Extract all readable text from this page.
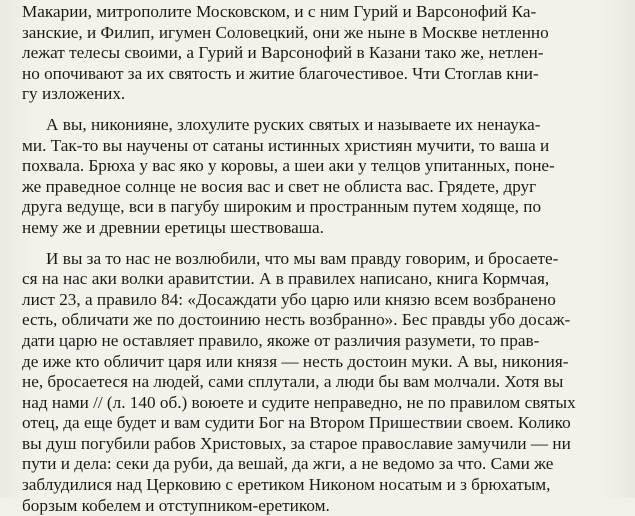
Макарии, митрополите Московском, и с ним Гурий и Варсонофий Ка-
занские, и Филип, игумен Соловецкий, они же ныне в Москве нетленно
лежат телесы своими, а Гурий и Варсонофий в Казани тако же, нетлен-
но опочивают за их святость и житие благочестивое. Чти Стоглав кни-
гу изложених.
А вы, никонияне, злохулите руских святых и называете их ненаукa-
ми. Так-то вы научены от сатаны истинных християн мучити, то ваша и
похвала. Брюха у вас яко у коровы, а шеи аки у телцов упитанных, поне-
же праведное солнце не восия вас и свет не облиста вас. Грядете, друг
друга ведуще, вси в пагубу широким и пространным путем ходяще, по
нему же и древнии еретицы шествоваша.
И вы за то нас не возлюбили, что мы вам правду говорим, и бросаете-
ся на нас аки волки аравитстии. А в правилех написано, книга Кормчая,
лист 23, а правило 84: «Досаждати убо царю или князю всем возбранено
есть, обличати же по достоинию несть возбранно». Бес правды убо досаж-
дати царю не оставляет правило, якоже от различия разумети, то прав-
де иже кто обличит царя или князя — несть достоин муки. А вы, никония-
не, бросаетеся на людей, сами сплутали, а люди бы вам молчали. Хотя вы
над нами // (л. 140 об.) воюете и судите неправедно, не по правилом святых
отец, да еще будет и вам судити Бог на Втором Пришествии своем. Колико
вы душ погубили рабов Христовых, за старое православие замучили — ни
пути и дела: секи да руби, да вешай, да жги, а не ведомо за что. Сами же
заблудилися над Церковию с еретиком Никоном носатым и з брюхатым,
борзым кобелем и отступником-еретиком.
